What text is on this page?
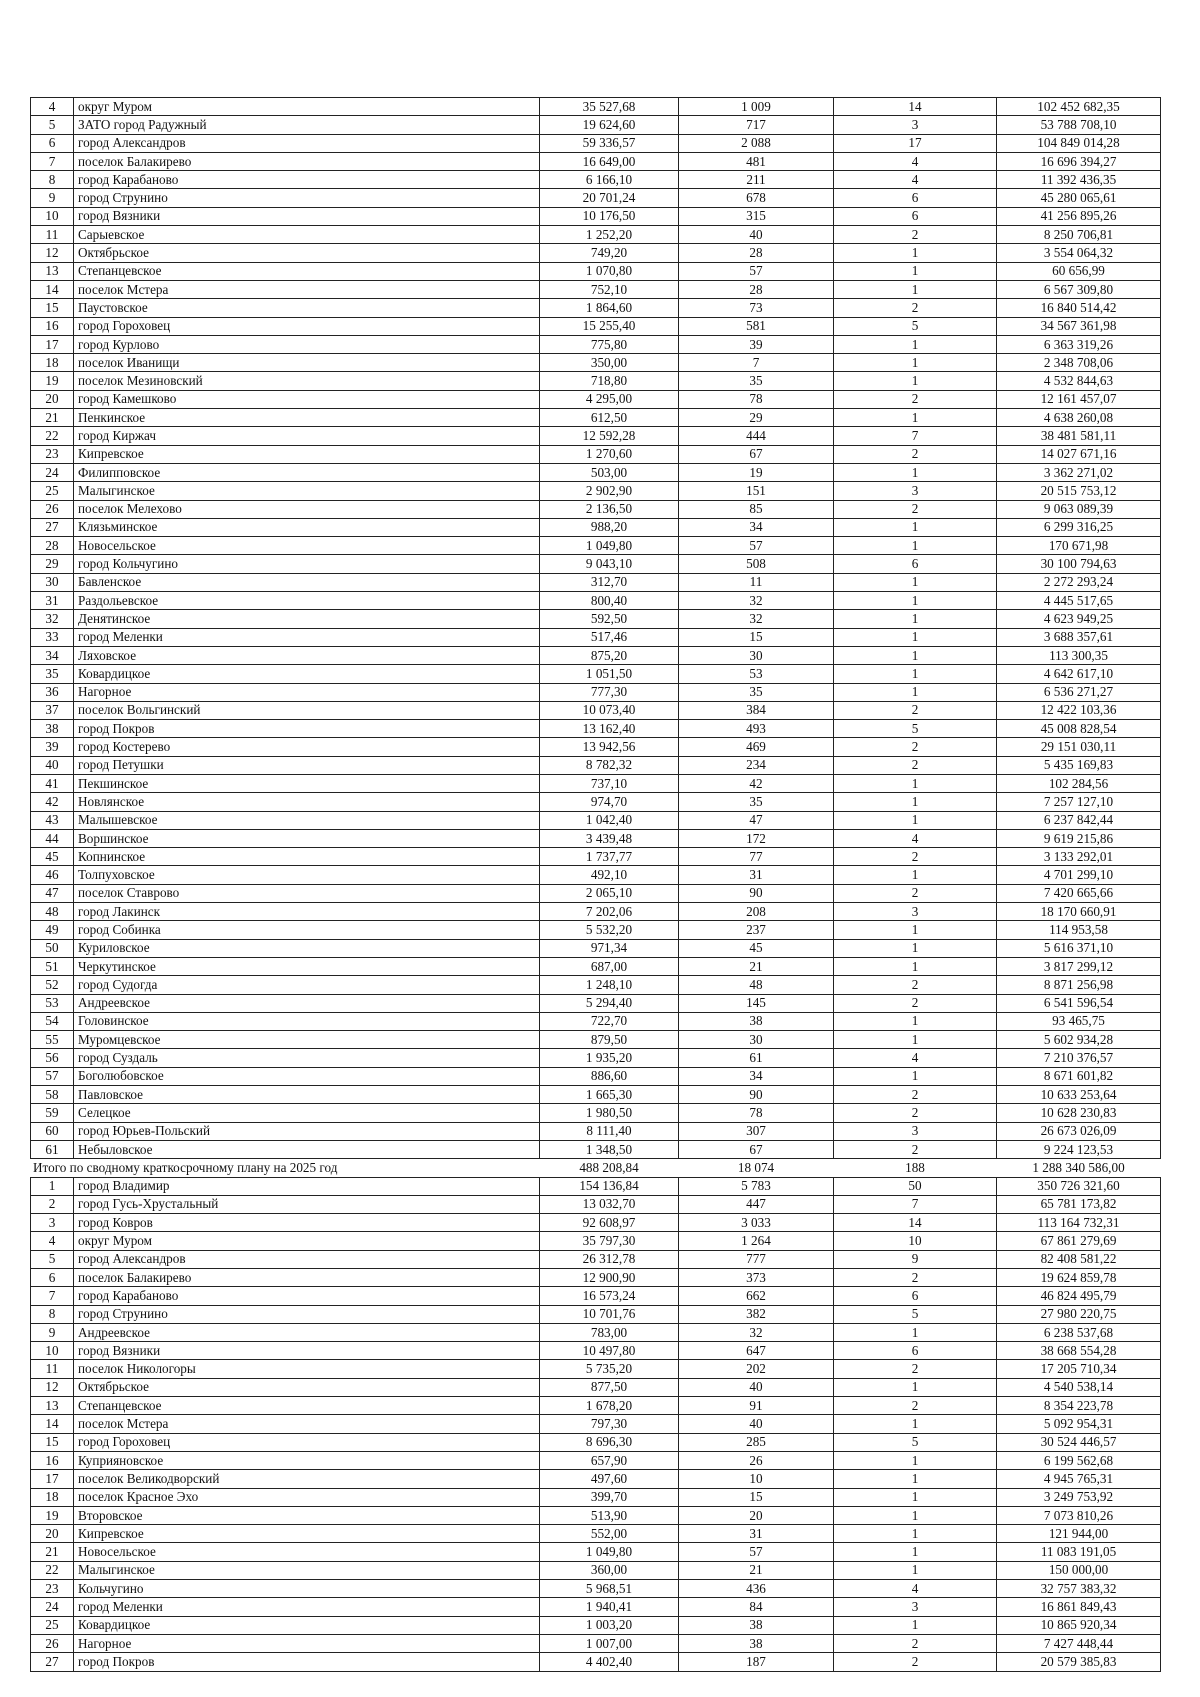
4	округ Муром	35 527,68	1 009	14	102 452 682,35
5	ЗАТО город Радужный	19 624,60	717	3	53 788 708,10
6	город Александров	59 336,57	2 088	17	104 849 014,28
7	поселок Балакирево	16 649,00	481	4	16 696 394,27
8	город Карабаново	6 166,10	211	4	11 392 436,35
9	город Струнино	20 701,24	678	6	45 280 065,61
10	город Вязники	10 176,50	315	6	41 256 895,26
11	Сарыевское	1 252,20	40	2	8 250 706,81
12	Октябрьское	749,20	28	1	3 554 064,32
13	Степанцевское	1 070,80	57	1	60 656,99
14	поселок Мстера	752,10	28	1	6 567 309,80
15	Паустовское	1 864,60	73	2	16 840 514,42
16	город Гороховец	15 255,40	581	5	34 567 361,98
17	город Курлово	775,80	39	1	6 363 319,26
18	поселок Иванищи	350,00	7	1	2 348 708,06
19	поселок Мезиновский	718,80	35	1	4 532 844,63
20	город Камешково	4 295,00	78	2	12 161 457,07
21	Пенкинское	612,50	29	1	4 638 260,08
22	город Киржач	12 592,28	444	7	38 481 581,11
23	Кипревское	1 270,60	67	2	14 027 671,16
24	Филипповское	503,00	19	1	3 362 271,02
25	Малыгинское	2 902,90	151	3	20 515 753,12
26	поселок Мелехово	2 136,50	85	2	9 063 089,39
27	Клязьминское	988,20	34	1	6 299 316,25
28	Новосельское	1 049,80	57	1	170 671,98
29	город Кольчугино	9 043,10	508	6	30 100 794,63
30	Бавленское	312,70	11	1	2 272 293,24
31	Раздольевское	800,40	32	1	4 445 517,65
32	Денятинское	592,50	32	1	4 623 949,25
33	город Меленки	517,46	15	1	3 688 357,61
34	Ляховское	875,20	30	1	113 300,35
35	Ковардицкое	1 051,50	53	1	4 642 617,10
36	Нагорное	777,30	35	1	6 536 271,27
37	поселок Вольгинский	10 073,40	384	2	12 422 103,36
38	город Покров	13 162,40	493	5	45 008 828,54
39	город Костерево	13 942,56	469	2	29 151 030,11
40	город Петушки	8 782,32	234	2	5 435 169,83
41	Пекшинское	737,10	42	1	102 284,56
42	Новлянское	974,70	35	1	7 257 127,10
43	Малышевское	1 042,40	47	1	6 237 842,44
44	Воршинское	3 439,48	172	4	9 619 215,86
45	Копнинское	1 737,77	77	2	3 133 292,01
46	Толпуховское	492,10	31	1	4 701 299,10
47	поселок Ставрово	2 065,10	90	2	7 420 665,66
48	город Лакинск	7 202,06	208	3	18 170 660,91
49	город Собинка	5 532,20	237	1	114 953,58
50	Куриловское	971,34	45	1	5 616 371,10
51	Черкутинское	687,00	21	1	3 817 299,12
52	город Судогда	1 248,10	48	2	8 871 256,98
53	Андреевское	5 294,40	145	2	6 541 596,54
54	Головинское	722,70	38	1	93 465,75
55	Муромцевское	879,50	30	1	5 602 934,28
56	город Суздаль	1 935,20	61	4	7 210 376,57
57	Боголюбовское	886,60	34	1	8 671 601,82
58	Павловское	1 665,30	90	2	10 633 253,64
59	Селецкое	1 980,50	78	2	10 628 230,83
60	город Юрьев-Польский	8 111,40	307	3	26 673 026,09
61	Небыловское	1 348,50	67	2	9 224 123,53
Итого по сводному краткосрочному плану на 2025 год		488 208,84	18 074	188	1 288 340 586,00
1	город Владимир	154 136,84	5 783	50	350 726 321,60
2	город Гусь-Хрустальный	13 032,70	447	7	65 781 173,82
3	город Ковров	92 608,97	3 033	14	113 164 732,31
4	округ Муром	35 797,30	1 264	10	67 861 279,69
5	город Александров	26 312,78	777	9	82 408 581,22
6	поселок Балакирево	12 900,90	373	2	19 624 859,78
7	город Карабаново	16 573,24	662	6	46 824 495,79
8	город Струнино	10 701,76	382	5	27 980 220,75
9	Андреевское	783,00	32	1	6 238 537,68
10	город Вязники	10 497,80	647	6	38 668 554,28
11	поселок Никологоры	5 735,20	202	2	17 205 710,34
12	Октябрьское	877,50	40	1	4 540 538,14
13	Степанцевское	1 678,20	91	2	8 354 223,78
14	поселок Мстера	797,30	40	1	5 092 954,31
15	город Гороховец	8 696,30	285	5	30 524 446,57
16	Куприяновское	657,90	26	1	6 199 562,68
17	поселок Великодворский	497,60	10	1	4 945 765,31
18	поселок Красное Эхо	399,70	15	1	3 249 753,92
19	Второвское	513,90	20	1	7 073 810,26
20	Кипревское	552,00	31	1	121 944,00
21	Новосельское	1 049,80	57	1	11 083 191,05
22	Малыгинское	360,00	21	1	150 000,00
23	Кольчугино	5 968,51	436	4	32 757 383,32
24	город Меленки	1 940,41	84	3	16 861 849,43
25	Ковардицкое	1 003,20	38	1	10 865 920,34
26	Нагорное	1 007,00	38	2	7 427 448,44
27	город Покров	4 402,40	187	2	20 579 385,83
